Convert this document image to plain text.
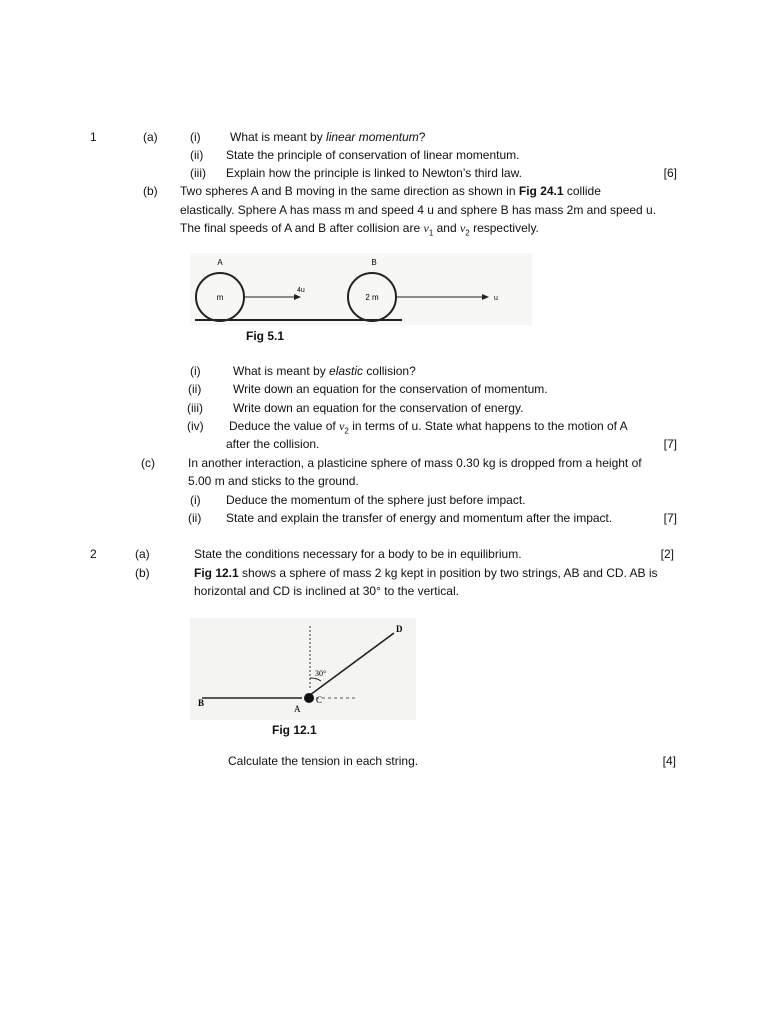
1	(a)	(i) What is meant by linear momentum?
(ii) State the principle of conservation of linear momentum.
(iii) Explain how the principle is linked to Newton’s third law.	[6]
(b) Two spheres A and B moving in the same direction as shown in Fig 24.1 collide
elastically. Sphere A has mass m and speed 4 u and sphere B has mass 2m and speed u.
The final speeds of A and B after collision are $v_1$ and $v_2$ respectively.
A	B
m	2 m
4u
u
Fig 5.1
(i)	What is meant by elastic collision?
(ii)	Write down an equation for the conservation of momentum.
(iii)	Write down an equation for the conservation of energy.
(iv) Deduce the value of $v_2$ in terms of u. State what happens to the motion of A
after the collision.	[7]
(c)	In another interaction, a plasticine sphere of mass 0.30 kg is dropped from a height of
5.00 m and sticks to the ground.
(i) Deduce the momentum of the sphere just before impact.
(ii) State and explain the transfer of energy and momentum after the impact.	[7]
2	(a)	State the conditions necessary for a body to be in equilibrium.	[2]
(b)	Fig 12.1 shows a sphere of mass 2 kg kept in position by two strings, AB and CD. AB is
horizontal and CD is inclined at 30° to the vertical.
B
A
C
D
30°
Fig 12.1
Calculate the tension in each string.	[4]
